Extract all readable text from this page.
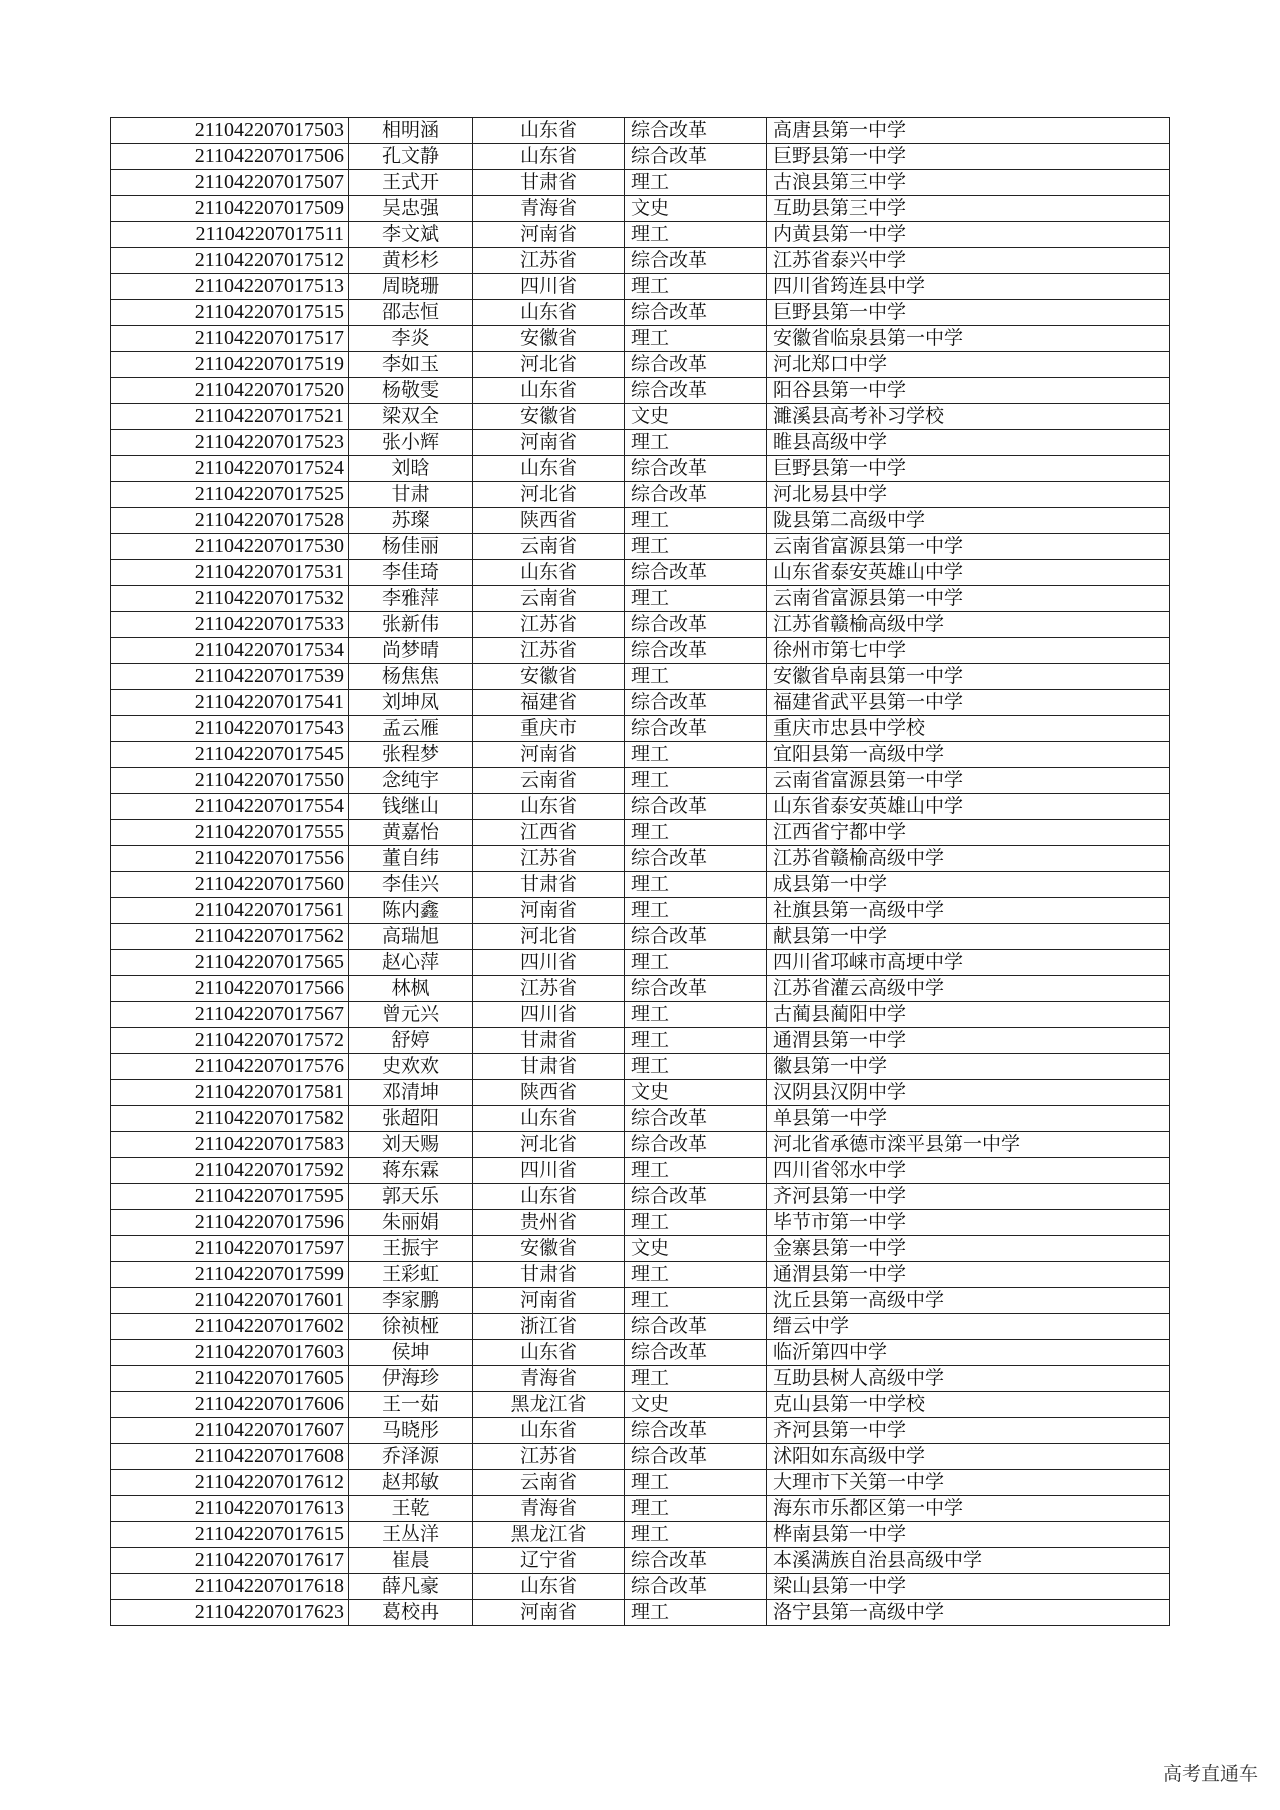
211042207017503	相明涵	山东省	综合改革	高唐县第一中学
211042207017506	孔文静	山东省	综合改革	巨野县第一中学
211042207017507	王式开	甘肃省	理工	古浪县第三中学
211042207017509	吴忠强	青海省	文史	互助县第三中学
211042207017511	李文斌	河南省	理工	内黄县第一中学
211042207017512	黄杉杉	江苏省	综合改革	江苏省泰兴中学
211042207017513	周晓珊	四川省	理工	四川省筠连县中学
211042207017515	邵志恒	山东省	综合改革	巨野县第一中学
211042207017517	李炎	安徽省	理工	安徽省临泉县第一中学
211042207017519	李如玉	河北省	综合改革	河北郑口中学
211042207017520	杨敬雯	山东省	综合改革	阳谷县第一中学
211042207017521	梁双全	安徽省	文史	濉溪县高考补习学校
211042207017523	张小辉	河南省	理工	睢县高级中学
211042207017524	刘晗	山东省	综合改革	巨野县第一中学
211042207017525	甘肃	河北省	综合改革	河北易县中学
211042207017528	苏璨	陕西省	理工	陇县第二高级中学
211042207017530	杨佳丽	云南省	理工	云南省富源县第一中学
211042207017531	李佳琦	山东省	综合改革	山东省泰安英雄山中学
211042207017532	李雅萍	云南省	理工	云南省富源县第一中学
211042207017533	张新伟	江苏省	综合改革	江苏省赣榆高级中学
211042207017534	尚梦晴	江苏省	综合改革	徐州市第七中学
211042207017539	杨焦焦	安徽省	理工	安徽省阜南县第一中学
211042207017541	刘坤凤	福建省	综合改革	福建省武平县第一中学
211042207017543	孟云雁	重庆市	综合改革	重庆市忠县中学校
211042207017545	张程梦	河南省	理工	宜阳县第一高级中学
211042207017550	念纯宇	云南省	理工	云南省富源县第一中学
211042207017554	钱继山	山东省	综合改革	山东省泰安英雄山中学
211042207017555	黄嘉怡	江西省	理工	江西省宁都中学
211042207017556	董自纬	江苏省	综合改革	江苏省赣榆高级中学
211042207017560	李佳兴	甘肃省	理工	成县第一中学
211042207017561	陈内鑫	河南省	理工	社旗县第一高级中学
211042207017562	高瑞旭	河北省	综合改革	献县第一中学
211042207017565	赵心萍	四川省	理工	四川省邛崃市高埂中学
211042207017566	林枫	江苏省	综合改革	江苏省灌云高级中学
211042207017567	曾元兴	四川省	理工	古蔺县蔺阳中学
211042207017572	舒婷	甘肃省	理工	通渭县第一中学
211042207017576	史欢欢	甘肃省	理工	徽县第一中学
211042207017581	邓清坤	陕西省	文史	汉阴县汉阴中学
211042207017582	张超阳	山东省	综合改革	单县第一中学
211042207017583	刘天赐	河北省	综合改革	河北省承德市滦平县第一中学
211042207017592	蒋东霖	四川省	理工	四川省邻水中学
211042207017595	郭天乐	山东省	综合改革	齐河县第一中学
211042207017596	朱丽娟	贵州省	理工	毕节市第一中学
211042207017597	王振宇	安徽省	文史	金寨县第一中学
211042207017599	王彩虹	甘肃省	理工	通渭县第一中学
211042207017601	李家鹏	河南省	理工	沈丘县第一高级中学
211042207017602	徐祯桠	浙江省	综合改革	缙云中学
211042207017603	侯坤	山东省	综合改革	临沂第四中学
211042207017605	伊海珍	青海省	理工	互助县树人高级中学
211042207017606	王一茹	黑龙江省	文史	克山县第一中学校
211042207017607	马晓彤	山东省	综合改革	齐河县第一中学
211042207017608	乔泽源	江苏省	综合改革	沭阳如东高级中学
211042207017612	赵邦敏	云南省	理工	大理市下关第一中学
211042207017613	王乾	青海省	理工	海东市乐都区第一中学
211042207017615	王丛洋	黑龙江省	理工	桦南县第一中学
211042207017617	崔晨	辽宁省	综合改革	本溪满族自治县高级中学
211042207017618	薛凡豪	山东省	综合改革	梁山县第一中学
211042207017623	葛校冉	河南省	理工	洛宁县第一高级中学
高考直通车
